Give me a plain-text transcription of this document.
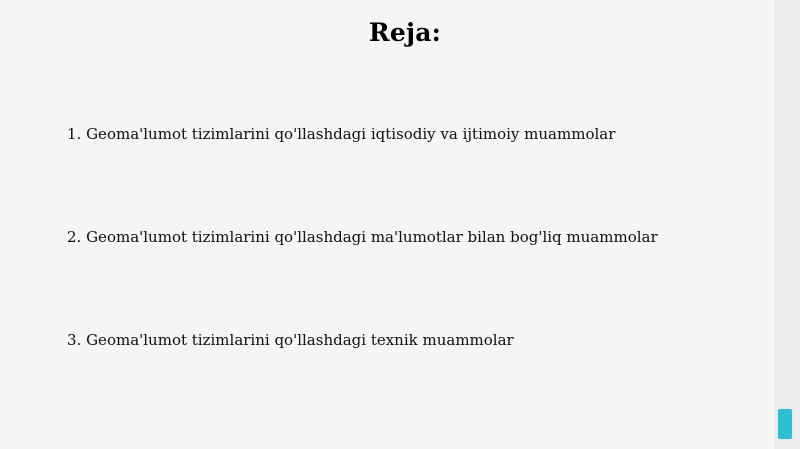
Reja:
1. Geoma'lumot tizimlarini qo'llashdagi iqtisodiy va ijtimoiy muammolar
2. Geoma'lumot tizimlarini qo'llashdagi ma'lumotlar bilan bog'liq muammolar
3. Geoma'lumot tizimlarini qo'llashdagi texnik muammolar
